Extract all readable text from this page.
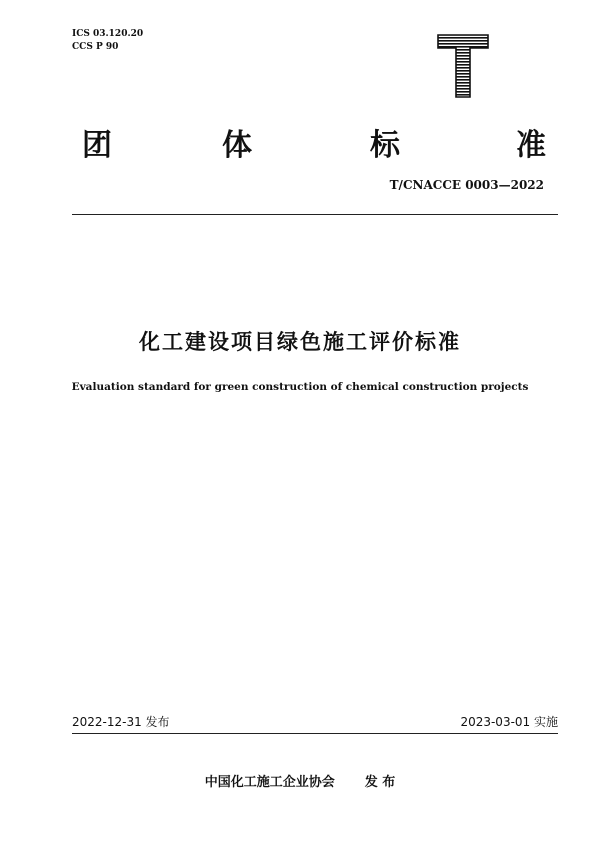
ICS 03.120.20
CCS P 90
团	体	标	准
T/CNACCE 0003—2022
化工建设项目绿色施工评价标准
Evaluation standard for green construction of chemical construction projects
2022-12-31 发布	2023-03-01 实施
中国化工施工企业协会 发 布
